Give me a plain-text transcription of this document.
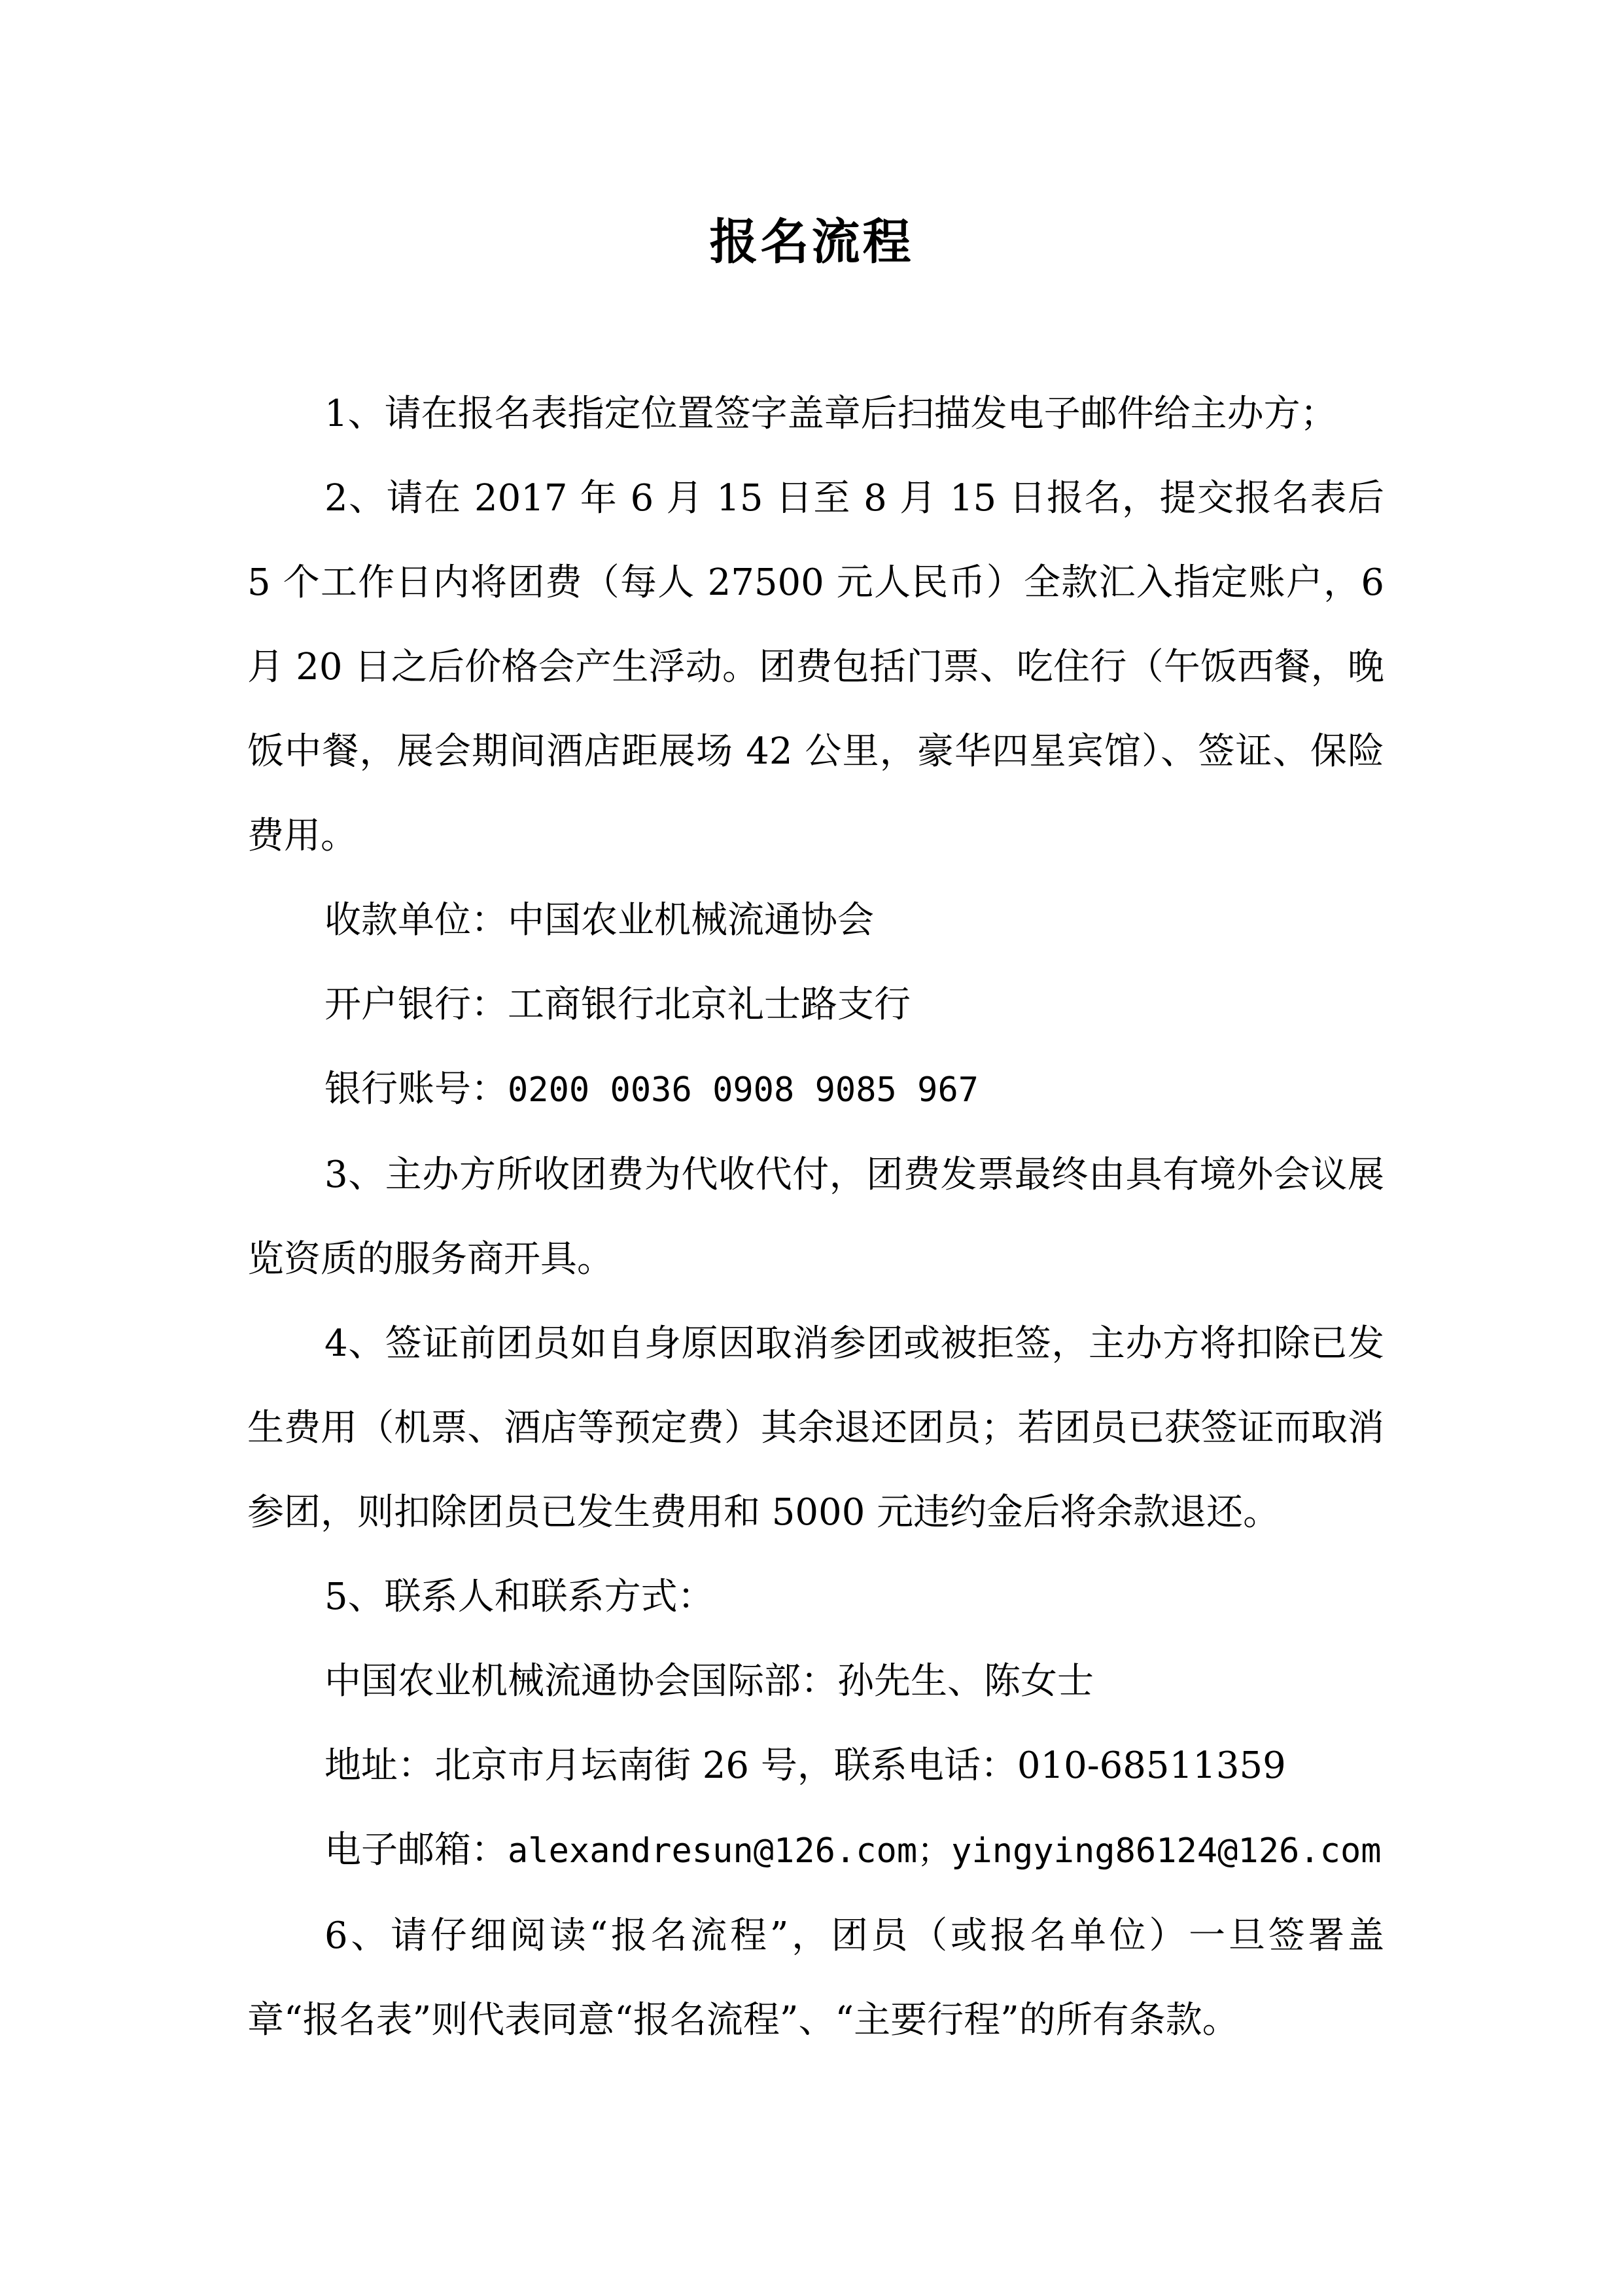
报名流程

1、请在报名表指定位置签字盖章后扫描发电子邮件给主办方；

2、请在 2017 年 6 月 15 日至 8 月 15 日报名，提交报名表后 5 个工作日内将团费（每人 27500 元人民币）全款汇入指定账户，6 月 20 日之后价格会产生浮动。团费包括门票、吃住行（午饭西餐，晚饭中餐，展会期间酒店距展场 42 公里，豪华四星宾馆）、签证、保险费用。

收款单位：中国农业机械流通协会

开户银行：工商银行北京礼士路支行

银行账号：0200 0036 0908 9085 967

3、主办方所收团费为代收代付，团费发票最终由具有境外会议展览资质的服务商开具。

4、签证前团员如自身原因取消参团或被拒签，主办方将扣除已发生费用（机票、酒店等预定费）其余退还团员；若团员已获签证而取消参团，则扣除团员已发生费用和 5000 元违约金后将余款退还。

5、联系人和联系方式：

中国农业机械流通协会国际部：孙先生、陈女士

地址：北京市月坛南街 26 号，联系电话：010-68511359

电子邮箱：alexandresun@126.com；yingying86124@126.com

6、请仔细阅读“报名流程”，团员（或报名单位）一旦签署盖章“报名表”则代表同意“报名流程”、“主要行程”的所有条款。
